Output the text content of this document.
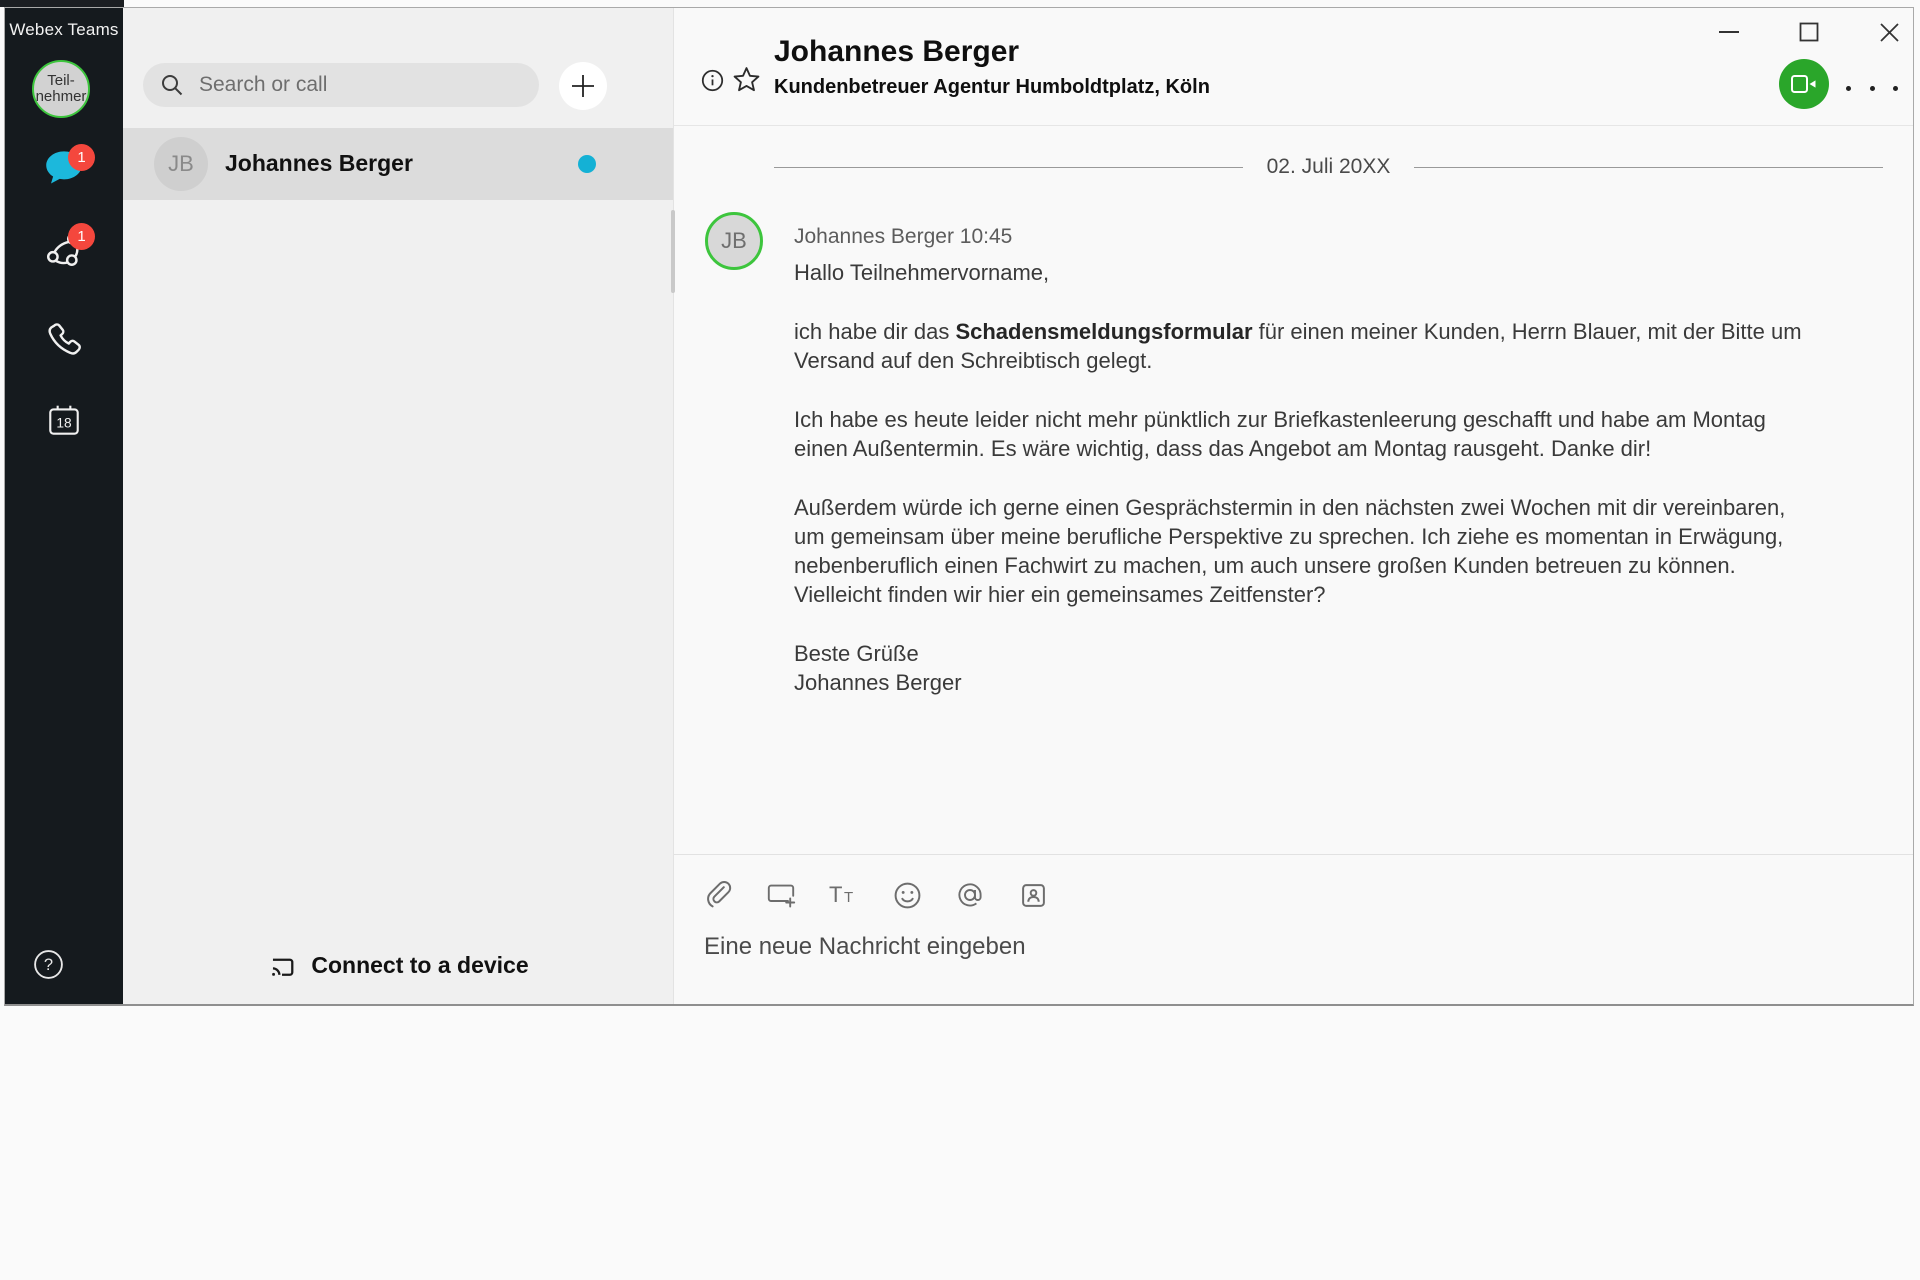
Webex Teams
Teil-
nehmer
1
1
18
?
Search or call
JB Johannes Berger
Connect to a device
Johannes Berger
Kundenbetreuer Agentur Humboldtplatz, Köln
02. Juli 20XX
JB Johannes Berger 10:45

Hallo Teilnehmervorname,

ich habe dir das Schadensmeldungsformular für einen meiner Kunden, Herrn Blauer, mit der Bitte um Versand auf den Schreibtisch gelegt.

Ich habe es heute leider nicht mehr pünktlich zur Briefkastenleerung geschafft und habe am Montag einen Außentermin. Es wäre wichtig, dass das Angebot am Montag rausgeht. Danke dir!

Außerdem würde ich gerne einen Gesprächstermin in den nächsten zwei Wochen mit dir vereinbaren, um gemeinsam über meine berufliche Perspektive zu sprechen. Ich ziehe es momentan in Erwägung, nebenberuflich einen Fachwirt zu machen, um auch unsere großen Kunden betreuen zu können. Vielleicht finden wir hier ein gemeinsames Zeitfenster?

Beste Grüße

Johannes Berger

T T
Eine neue Nachricht eingeben
